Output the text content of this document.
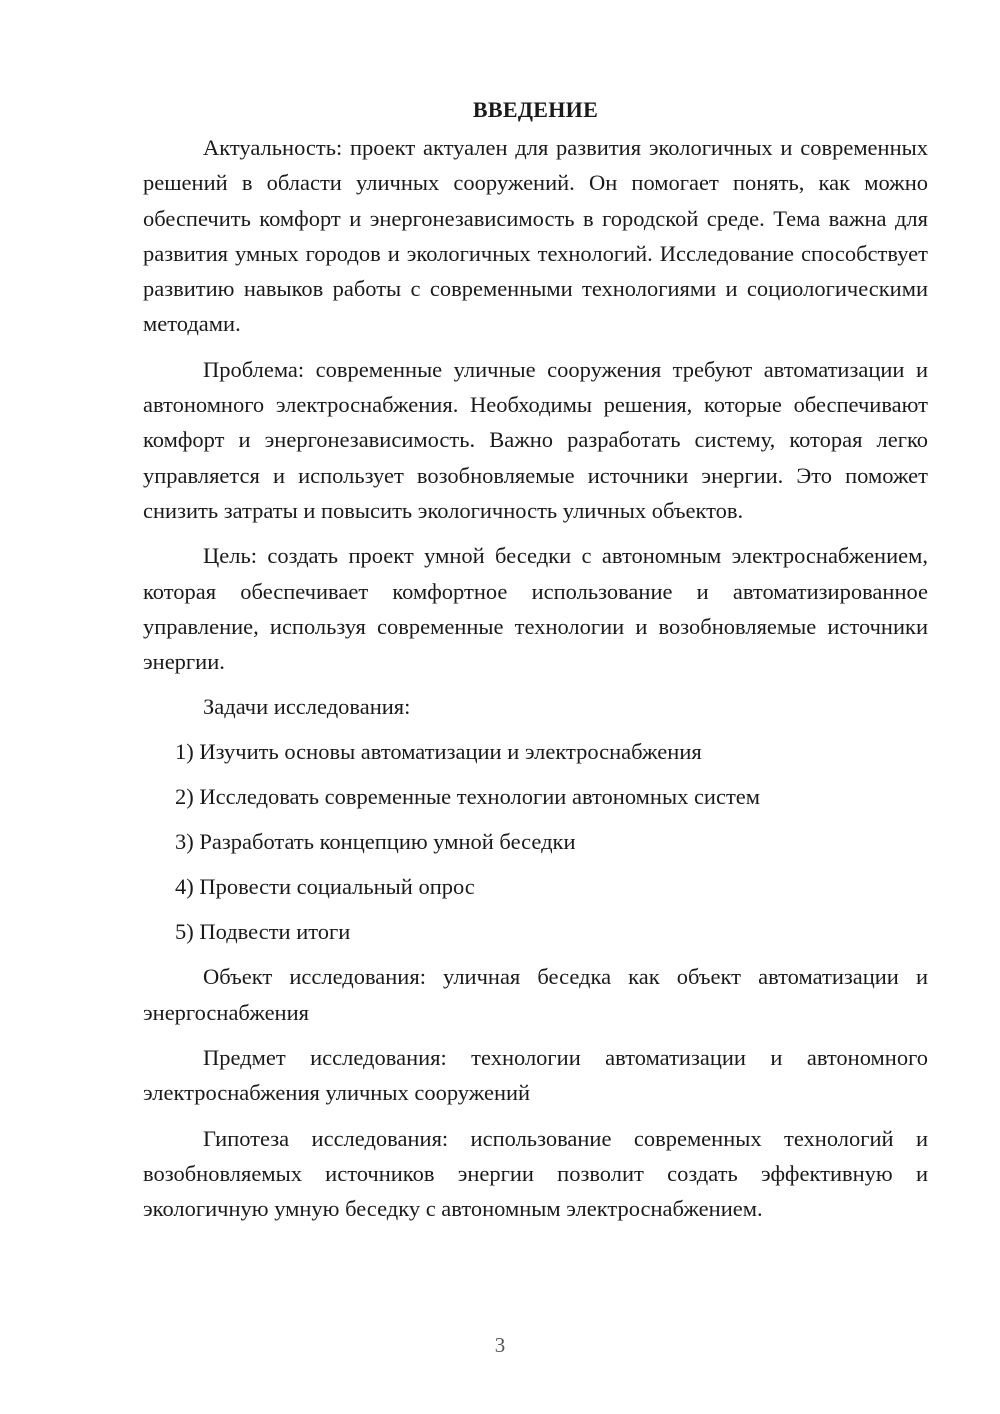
ВВЕДЕНИЕ

Актуальность: проект актуален для развития экологичных и современных решений в области уличных сооружений. Он помогает понять, как можно обеспечить комфорт и энергонезависимость в городской среде. Тема важна для развития умных городов и экологичных технологий. Исследование способствует развитию навыков работы с современными технологиями и социологическими методами.

Проблема: современные уличные сооружения требуют автоматизации и автономного электроснабжения. Необходимы решения, которые обеспечивают комфорт и энергонезависимость. Важно разработать систему, которая легко управляется и использует возобновляемые источники энергии. Это поможет снизить затраты и повысить экологичность уличных объектов.

Цель: создать проект умной беседки с автономным электроснабжением, которая обеспечивает комфортное использование и автоматизированное управление, используя современные технологии и возобновляемые источники энергии.

Задачи исследования:

1) Изучить основы автоматизации и электроснабжения
2) Исследовать современные технологии автономных систем
3) Разработать концепцию умной беседки
4) Провести социальный опрос
5) Подвести итоги

Объект исследования: уличная беседка как объект автоматизации и энергоснабжения

Предмет исследования: технологии автоматизации и автономного электроснабжения уличных сооружений

Гипотеза исследования: использование современных технологий и возобновляемых источников энергии позволит создать эффективную и экологичную умную беседку с автономным электроснабжением.

3
